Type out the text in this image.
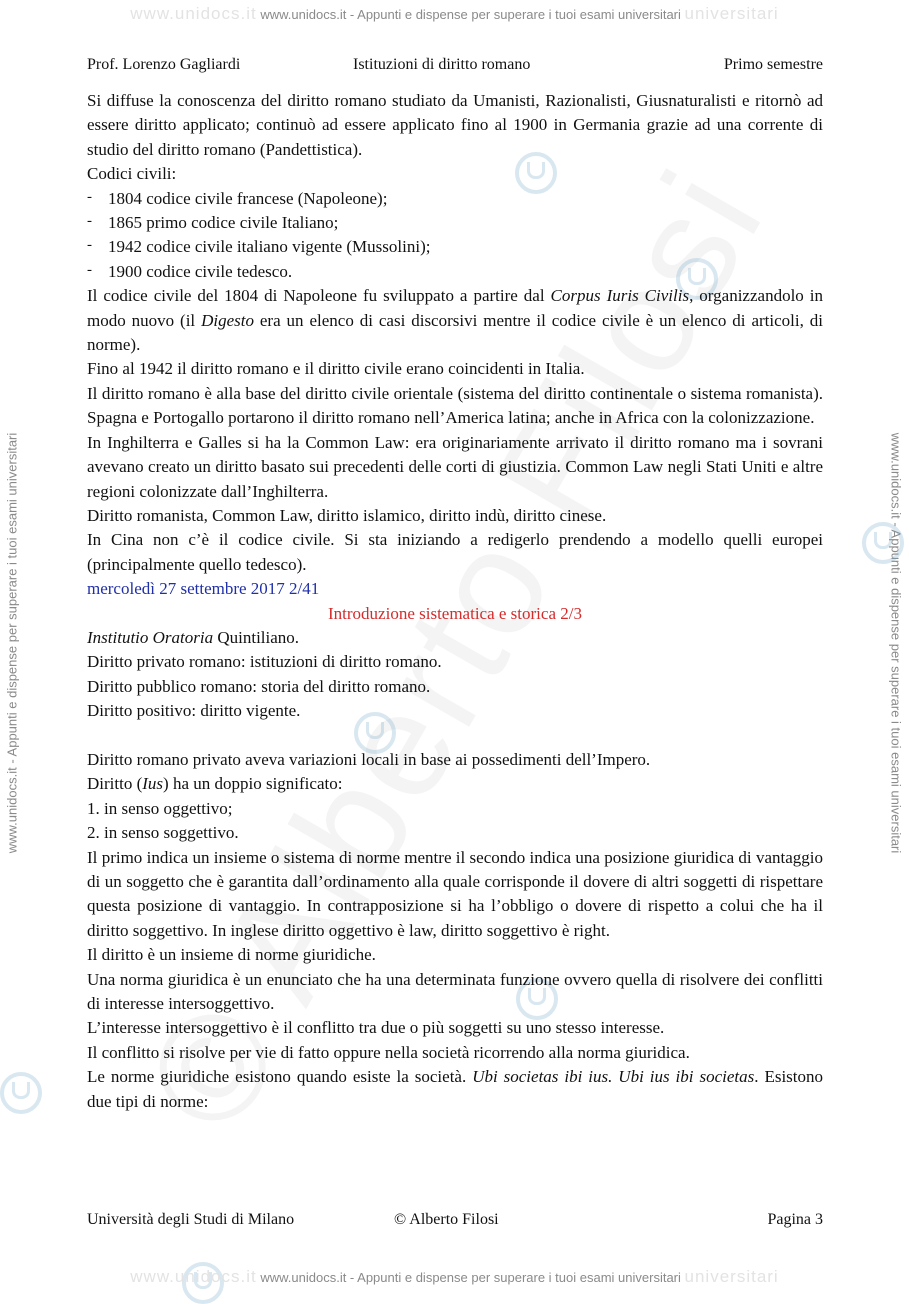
www.unidocs.it www.unidocs.it - Appunti e dispense per superare i tuoi esami universitari universitari
www.unidocs.it - Appunti e dispense per superare i tuoi esami universitari	www.unidocs.it - Appunti e dispense per superare i tuoi esami universitari
Prof. Lorenzo Gagliardi	Istituzioni di diritto romano	Primo semestre

Si diffuse la conoscenza del diritto romano studiato da Umanisti, Razionalisti, Giusnaturalisti e ritornò ad essere diritto applicato; continuò ad essere applicato fino al 1900 in Germania grazie ad una corrente di studio del diritto romano (Pandettistica).

Codici civili:

- 1804 codice civile francese (Napoleone);
- 1865 primo codice civile Italiano;
- 1942 codice civile italiano vigente (Mussolini);
- 1900 codice civile tedesco.

Il codice civile del 1804 di Napoleone fu sviluppato a partire dal Corpus Iuris Civilis, organizzandolo in modo nuovo (il Digesto era un elenco di casi discorsivi mentre il codice civile è un elenco di articoli, di norme).

Fino al 1942 il diritto romano e il diritto civile erano coincidenti in Italia.

Il diritto romano è alla base del diritto civile orientale (sistema del diritto continentale o sistema romanista). Spagna e Portogallo portarono il diritto romano nell’America latina; anche in Africa con la colonizzazione.

In Inghilterra e Galles si ha la Common Law: era originariamente arrivato il diritto romano ma i sovrani avevano creato un diritto basato sui precedenti delle corti di giustizia. Common Law negli Stati Uniti e altre regioni colonizzate dall’Inghilterra.

Diritto romanista, Common Law, diritto islamico, diritto indù, diritto cinese.

In Cina non c’è il codice civile. Si sta iniziando a redigerlo prendendo a modello quelli europei (principalmente quello tedesco).

mercoledì 27 settembre 2017 2/41

Introduzione sistematica e storica 2/3

Institutio Oratoria Quintiliano.

Diritto privato romano: istituzioni di diritto romano.

Diritto pubblico romano: storia del diritto romano.

Diritto positivo: diritto vigente.

Diritto romano privato aveva variazioni locali in base ai possedimenti dell’Impero.

Diritto (Ius) ha un doppio significato:

1. in senso oggettivo;

2. in senso soggettivo.

Il primo indica un insieme o sistema di norme mentre il secondo indica una posizione giuridica di vantaggio di un soggetto che è garantita dall’ordinamento alla quale corrisponde il dovere di altri soggetti di rispettare questa posizione di vantaggio. In contrapposizione si ha l’obbligo o dovere di rispetto a colui che ha il diritto soggettivo. In inglese diritto oggettivo è law, diritto soggettivo è right.

Il diritto è un insieme di norme giuridiche.

Una norma giuridica è un enunciato che ha una determinata funzione ovvero quella di risolvere dei conflitti di interesse intersoggettivo.

L’interesse intersoggettivo è il conflitto tra due o più soggetti su uno stesso interesse.

Il conflitto si risolve per vie di fatto oppure nella società ricorrendo alla norma giuridica.

Le norme giuridiche esistono quando esiste la società. Ubi societas ibi ius. Ubi ius ibi societas. Esistono due tipi di norme:

Università degli Studi di Milano	© Alberto Filosi	Pagina 3
www.unidocs.it www.unidocs.it - Appunti e dispense per superare i tuoi esami universitari universitari
